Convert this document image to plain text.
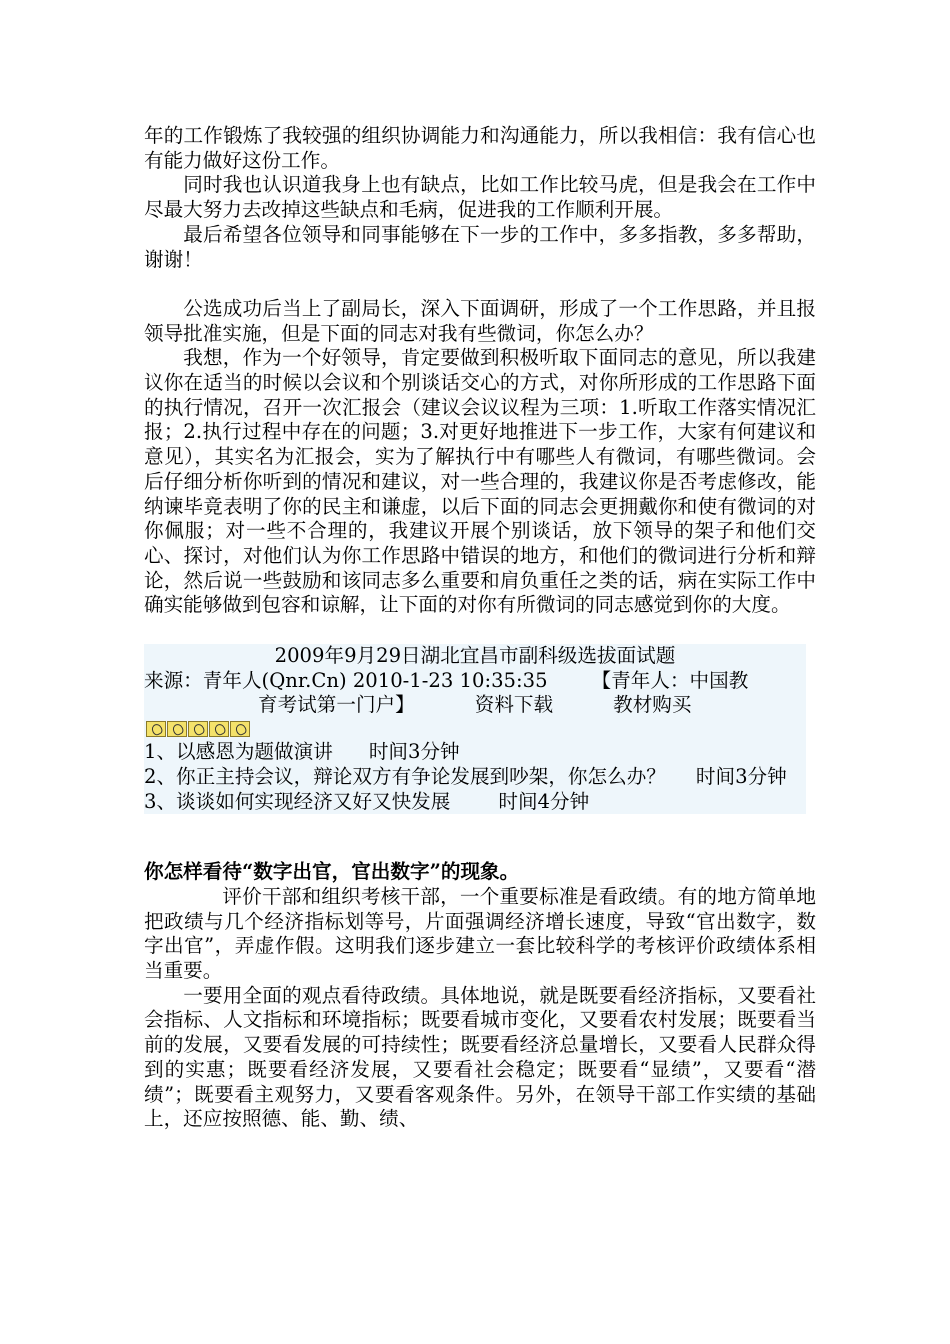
年的工作锻炼了我较强的组织协调能力和沟通能力，所以我相信：我有信心也有能力做好这份工作。

同时我也认识道我身上也有缺点，比如工作比较马虎，但是我会在工作中尽最大努力去改掉这些缺点和毛病，促进我的工作顺利开展。

最后希望各位领导和同事能够在下一步的工作中，多多指教，多多帮助，谢谢！

公选成功后当上了副局长，深入下面调研，形成了一个工作思路，并且报领导批准实施，但是下面的同志对我有些微词，你怎么办？

我想，作为一个好领导，肯定要做到积极听取下面同志的意见，所以我建议你在适当的时候以会议和个别谈话交心的方式，对你所形成的工作思路下面的执行情况，召开一次汇报会（建议会议议程为三项：1.听取工作落实情况汇报；2.执行过程中存在的问题；3.对更好地推进下一步工作，大家有何建议和意见），其实名为汇报会，实为了解执行中有哪些人有微词，有哪些微词。会后仔细分析你听到的情况和建议，对一些合理的，我建议你是否考虑修改，能纳谏毕竟表明了你的民主和谦虚，以后下面的同志会更拥戴你和使有微词的对你佩服；对一些不合理的，我建议开展个别谈话，放下领导的架子和他们交心、探讨，对他们认为你工作思路中错误的地方，和他们的微词进行分析和辩论，然后说一些鼓励和该同志多么重要和肩负重任之类的话，病在实际工作中确实能够做到包容和谅解，让下面的对你有所微词的同志感觉到你的大度。

2009年9月29日湖北宜昌市副科级选拔面试题

来源：青年人(Qnr.Cn) 2010-1-23 10:35:35 【青年人：中国教
育考试第一门户】	资料下载	教材购买

1、以感恩为题做演讲 时间3分钟

2、你正主持会议，辩论双方有争论发展到吵架，你怎么办？ 时间3分钟

3、谈谈如何实现经济又好又快发展 时间4分钟

你怎样看待“数字出官，官出数字”的现象。

评价干部和组织考核干部，一个重要标准是看政绩。有的地方简单地把政绩与几个经济指标划等号，片面强调经济增长速度，导致“官出数字，数字出官”，弄虚作假。这明我们逐步建立一套比较科学的考核评价政绩体系相当重要。

一要用全面的观点看待政绩。具体地说，就是既要看经济指标，又要看社会指标、人文指标和环境指标；既要看城市变化，又要看农村发展；既要看当前的发展，又要看发展的可持续性；既要看经济总量增长，又要看人民群众得到的实惠；既要看经济发展，又要看社会稳定；既要看“显绩”，又要看“潜绩”；既要看主观努力，又要看客观条件。另外，在领导干部工作实绩的基础上，还应按照德、能、勤、绩、
